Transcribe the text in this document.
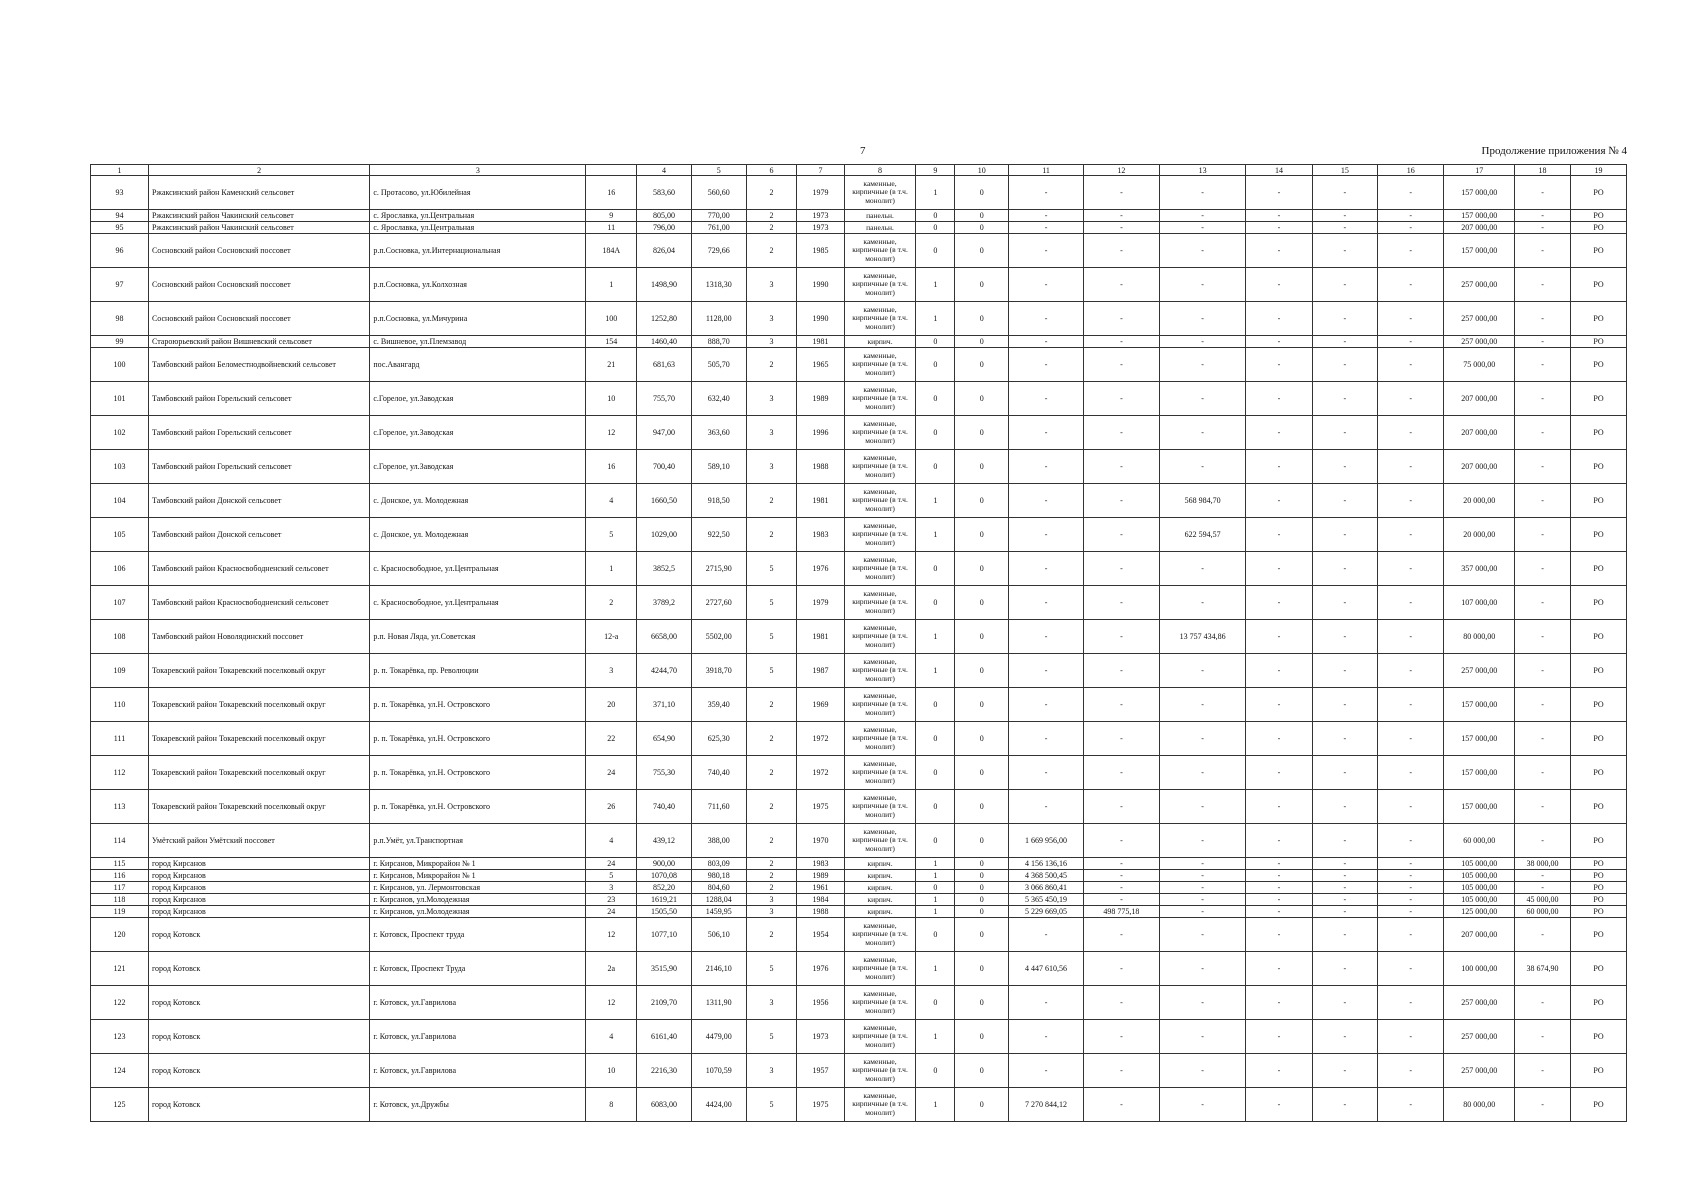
7	Продолжение приложения № 4
1	2	3		4	5	6	7	8	9	10	11	12	13	14	15	16	17	18	19
93	Ржаксинский район Каменский сельсовет	с. Протасово, ул.Юбилейная	16	583,60	560,60	2	1979	каменные, кирпичные (в т.ч. монолит)	1	0	-	-	-	-	-	-	157 000,00	-	РО
94	Ржаксинский район Чакинский сельсовет	с. Ярославка, ул.Центральная	9	805,00	770,00	2	1973	панельн.	0	0	-	-	-	-	-	-	157 000,00	-	РО
95	Ржаксинский район Чакинский сельсовет	с. Ярославка, ул.Центральная	11	796,00	761,00	2	1973	панельн.	0	0	-	-	-	-	-	-	207 000,00	-	РО
96	Сосновский район Сосновский поссовет	р.п.Сосновка, ул.Интернациональная	184А	826,04	729,66	2	1985	каменные, кирпичные (в т.ч. монолит)	0	0	-	-	-	-	-	-	157 000,00	-	РО
97	Сосновский район Сосновский поссовет	р.п.Сосновка, ул.Колхозная	1	1498,90	1318,30	3	1990	каменные, кирпичные (в т.ч. монолит)	1	0	-	-	-	-	-	-	257 000,00	-	РО
98	Сосновский район Сосновский поссовет	р.п.Сосновка, ул.Мичурина	100	1252,80	1128,00	3	1990	каменные, кирпичные (в т.ч. монолит)	1	0	-	-	-	-	-	-	257 000,00	-	РО
99	Староюрьевский район Вишневский сельсовет	с. Вишневое, ул.Племзавод	154	1460,40	888,70	3	1981	кирпич.	0	0	-	-	-	-	-	-	257 000,00	-	РО
100	Тамбовский район Беломестнодвойневский сельсовет	пос.Авангард	21	681,63	505,70	2	1965	каменные, кирпичные (в т.ч. монолит)	0	0	-	-	-	-	-	-	75 000,00	-	РО
101	Тамбовский район Горельский сельсовет	с.Горелое, ул.Заводская	10	755,70	632,40	3	1989	каменные, кирпичные (в т.ч. монолит)	0	0	-	-	-	-	-	-	207 000,00	-	РО
102	Тамбовский район Горельский сельсовет	с.Горелое, ул.Заводская	12	947,00	363,60	3	1996	каменные, кирпичные (в т.ч. монолит)	0	0	-	-	-	-	-	-	207 000,00	-	РО
103	Тамбовский район Горельский сельсовет	с.Горелое, ул.Заводская	16	700,40	589,10	3	1988	каменные, кирпичные (в т.ч. монолит)	0	0	-	-	-	-	-	-	207 000,00	-	РО
104	Тамбовский район Донской сельсовет	с. Донское, ул. Молодежная	4	1660,50	918,50	2	1981	каменные, кирпичные (в т.ч. монолит)	1	0	-	-	568 984,70	-	-	-	20 000,00	-	РО
105	Тамбовский район Донской сельсовет	с. Донское, ул. Молодежная	5	1029,00	922,50	2	1983	каменные, кирпичные (в т.ч. монолит)	1	0	-	-	622 594,57	-	-	-	20 000,00	-	РО
106	Тамбовский район Красносвободненский сельсовет	с. Красносвободное, ул.Центральная	1	3852,5	2715,90	5	1976	каменные, кирпичные (в т.ч. монолит)	0	0	-	-	-	-	-	-	357 000,00	-	РО
107	Тамбовский район Красносвободненский сельсовет	с. Красносвободное, ул.Центральная	2	3789,2	2727,60	5	1979	каменные, кирпичные (в т.ч. монолит)	0	0	-	-	-	-	-	-	107 000,00	-	РО
108	Тамбовский район Новолядинский поссовет	р.п. Новая Ляда, ул.Советская	12-а	6658,00	5502,00	5	1981	каменные, кирпичные (в т.ч. монолит)	1	0	-	-	13 757 434,86	-	-	-	80 000,00	-	РО
109	Токаревский район Токаревский поселковый округ	р. п. Токарёвка, пр. Революции	3	4244,70	3918,70	5	1987	каменные, кирпичные (в т.ч. монолит)	1	0	-	-	-	-	-	-	257 000,00	-	РО
110	Токаревский район Токаревский поселковый округ	р. п. Токарёвка, ул.Н. Островского	20	371,10	359,40	2	1969	каменные, кирпичные (в т.ч. монолит)	0	0	-	-	-	-	-	-	157 000,00	-	РО
111	Токаревский район Токаревский поселковый округ	р. п. Токарёвка, ул.Н. Островского	22	654,90	625,30	2	1972	каменные, кирпичные (в т.ч. монолит)	0	0	-	-	-	-	-	-	157 000,00	-	РО
112	Токаревский район Токаревский поселковый округ	р. п. Токарёвка, ул.Н. Островского	24	755,30	740,40	2	1972	каменные, кирпичные (в т.ч. монолит)	0	0	-	-	-	-	-	-	157 000,00	-	РО
113	Токаревский район Токаревский поселковый округ	р. п. Токарёвка, ул.Н. Островского	26	740,40	711,60	2	1975	каменные, кирпичные (в т.ч. монолит)	0	0	-	-	-	-	-	-	157 000,00	-	РО
114	Умётский район Умётский поссовет	р.п.Умёт, ул.Транспортная	4	439,12	388,00	2	1970	каменные, кирпичные (в т.ч. монолит)	0	0	1 669 956,00	-	-	-	-	-	60 000,00	-	РО
115	город Кирсанов	г. Кирсанов, Микрорайон № 1	24	900,00	803,09	2	1983	кирпич.	1	0	4 156 136,16	-	-	-	-	-	105 000,00	38 000,00	РО
116	город Кирсанов	г. Кирсанов, Микрорайон № 1	5	1070,08	980,18	2	1989	кирпич.	1	0	4 368 500,45	-	-	-	-	-	105 000,00	-	РО
117	город Кирсанов	г. Кирсанов, ул. Лермонтовская	3	852,20	804,60	2	1961	кирпич.	0	0	3 066 860,41	-	-	-	-	-	105 000,00	-	РО
118	город Кирсанов	г. Кирсанов, ул.Молодежная	23	1619,21	1288,04	3	1984	кирпич.	1	0	5 365 450,19	-	-	-	-	-	105 000,00	45 000,00	РО
119	город Кирсанов	г. Кирсанов, ул.Молодежная	24	1505,50	1459,95	3	1988	кирпич.	1	0	5 229 669,05	498 775,18	-	-	-	-	125 000,00	60 000,00	РО
120	город Котовск	г. Котовск, Проспект труда	12	1077,10	506,10	2	1954	каменные, кирпичные (в т.ч. монолит)	0	0	-	-	-	-	-	-	207 000,00	-	РО
121	город Котовск	г. Котовск, Проспект Труда	2а	3515,90	2146,10	5	1976	каменные, кирпичные (в т.ч. монолит)	1	0	4 447 610,56	-	-	-	-	-	100 000,00	38 674,90	РО
122	город Котовск	г. Котовск, ул.Гаврилова	12	2109,70	1311,90	3	1956	каменные, кирпичные (в т.ч. монолит)	0	0	-	-	-	-	-	-	257 000,00	-	РО
123	город Котовск	г. Котовск, ул.Гаврилова	4	6161,40	4479,00	5	1973	каменные, кирпичные (в т.ч. монолит)	1	0	-	-	-	-	-	-	257 000,00	-	РО
124	город Котовск	г. Котовск, ул.Гаврилова	10	2216,30	1070,59	3	1957	каменные, кирпичные (в т.ч. монолит)	0	0	-	-	-	-	-	-	257 000,00	-	РО
125	город Котовск	г. Котовск, ул.Дружбы	8	6083,00	4424,00	5	1975	каменные, кирпичные (в т.ч. монолит)	1	0	7 270 844,12	-	-	-	-	-	80 000,00	-	РО
